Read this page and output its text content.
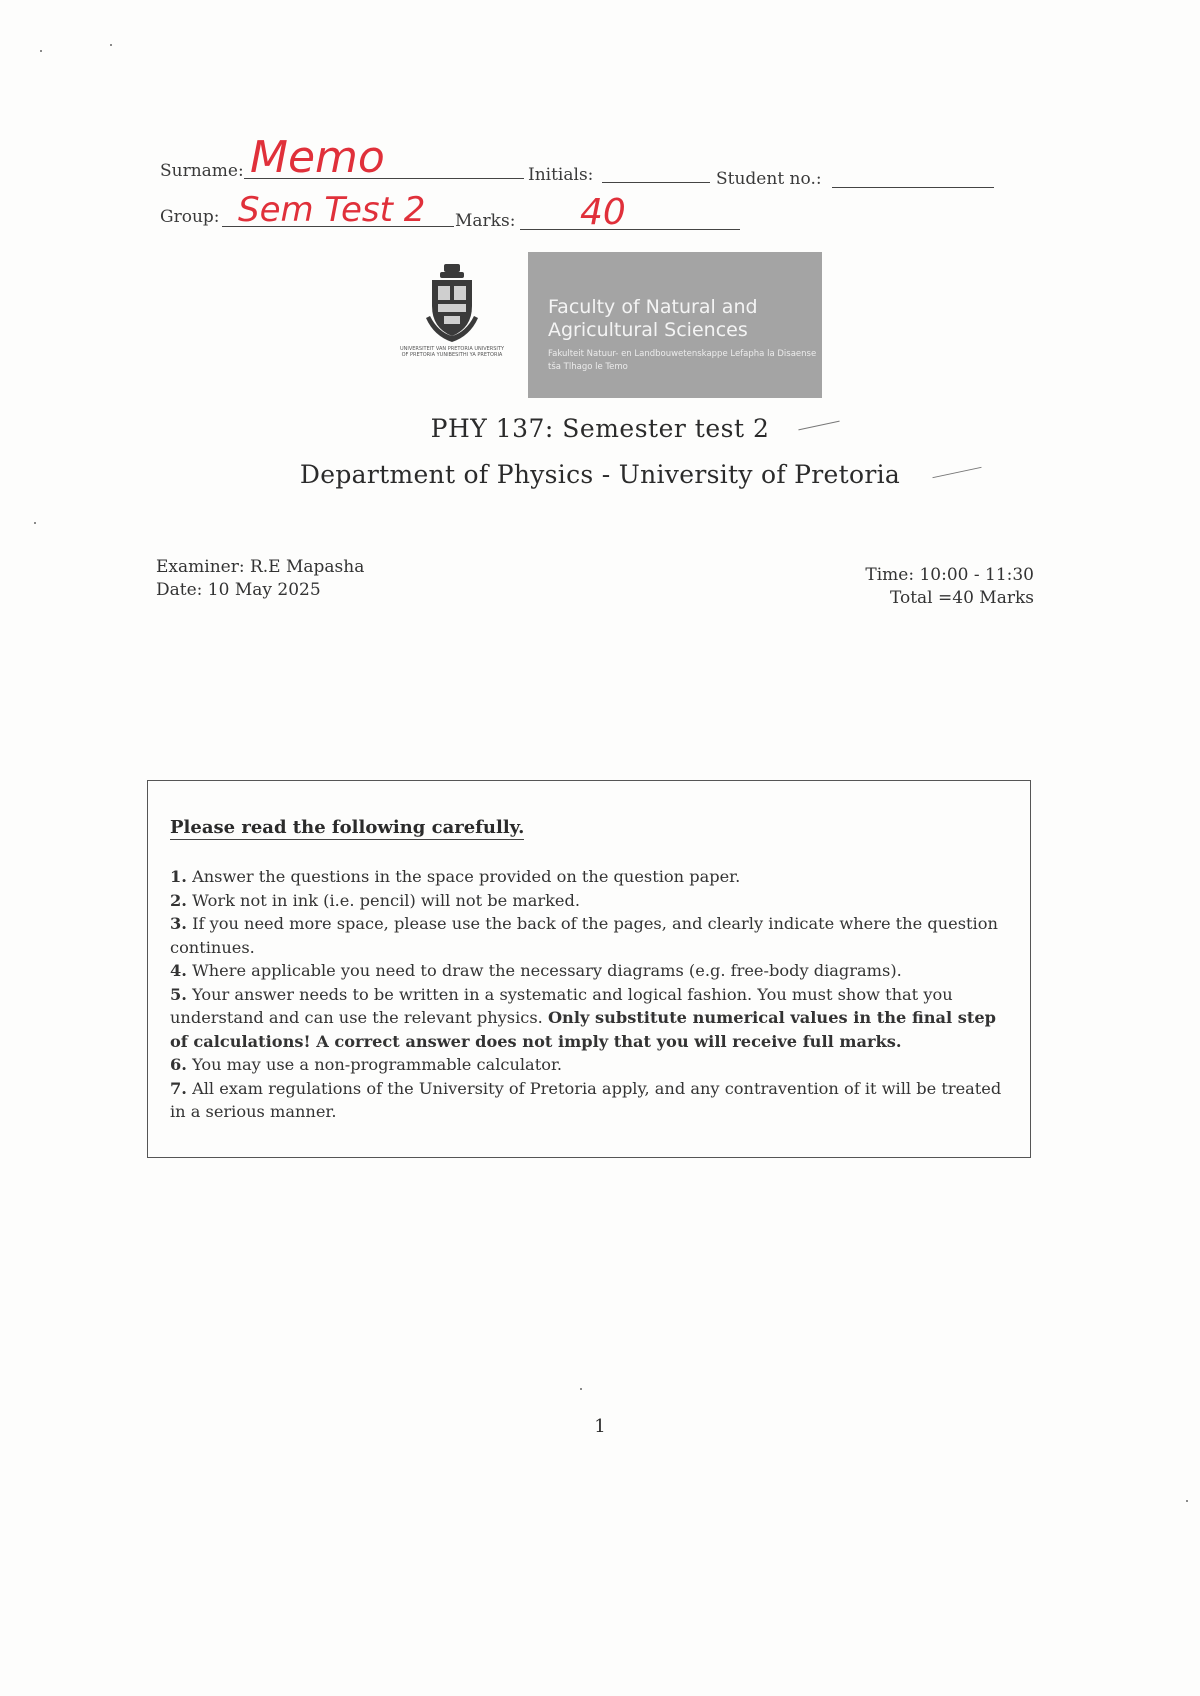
Surname: Memo	Initials:	Student no.:
Group: Sem Test 2 Marks: 40
UNIVERSITEIT VAN PRETORIA UNIVERSITY OF PRETORIA YUNIBESITHI YA PRETORIA
Faculty of Natural and Agricultural Sciences
Fakulteit Natuur- en Landbouwetenskappe Lefapha la Disaense tša Tlhago le Temo
PHY 137: Semester test 2
Department of Physics - University of Pretoria
Examiner: R.E Mapasha
Date: 10 May 2025
Time: 10:00 - 11:30
Total =40 Marks
Please read the following carefully.
1. Answer the questions in the space provided on the question paper.
2. Work not in ink (i.e. pencil) will not be marked.
3. If you need more space, please use the back of the pages, and clearly indicate where the question continues.
4. Where applicable you need to draw the necessary diagrams (e.g. free-body diagrams).
5. Your answer needs to be written in a systematic and logical fashion. You must show that you understand and can use the relevant physics. Only substitute numerical values in the final step of calculations! A correct answer does not imply that you will receive full marks.
6. You may use a non-programmable calculator.
7. All exam regulations of the University of Pretoria apply, and any contravention of it will be treated in a serious manner.
1
